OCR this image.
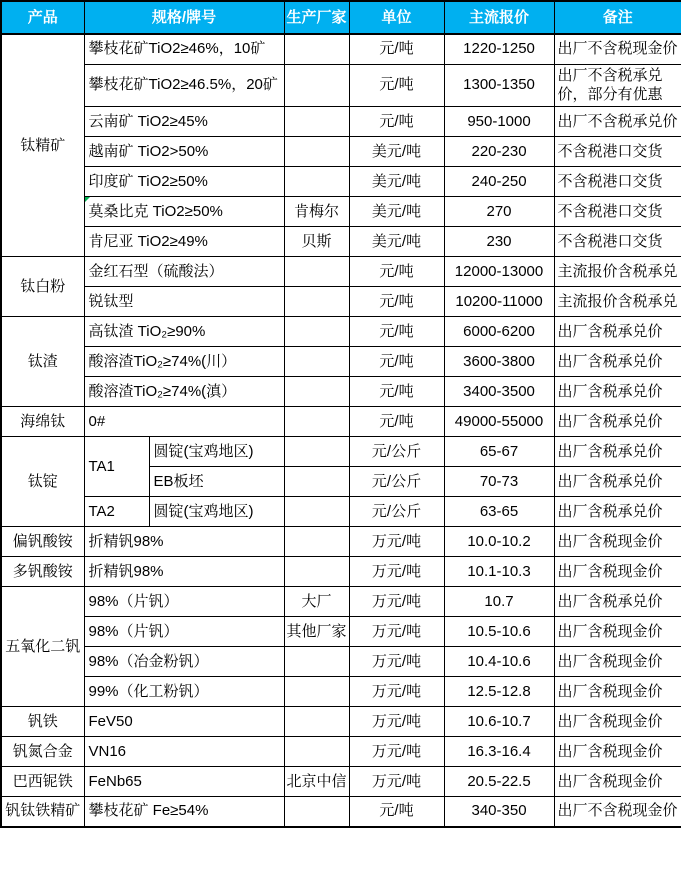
产品	规格/牌号		生产厂家	单位	主流报价	备注
钛精矿	攀枝花矿TiO2≥46%，10矿			元/吨	1220-1250	出厂不含税现金价
	攀枝花矿TiO2≥46.5%，20矿			元/吨	1300-1350	出厂不含税承兑价，部分有优惠
	云南矿 TiO2≥45%			元/吨	950-1000	出厂不含税承兑价
	越南矿 TiO2>50%			美元/吨	220-230	不含税港口交货
	印度矿 TiO2≥50%			美元/吨	240-250	不含税港口交货
	莫桑比克 TiO2≥50%		肯梅尔	美元/吨	270	不含税港口交货
	肯尼亚 TiO2≥49%		贝斯	美元/吨	230	不含税港口交货
钛白粉	金红石型（硫酸法）			元/吨	12000-13000	主流报价含税承兑
	锐钛型			元/吨	10200-11000	主流报价含税承兑
钛渣	高钛渣 TiO₂≥90%			元/吨	6000-6200	出厂含税承兑价
	酸溶渣TiO₂≥74%(川）			元/吨	3600-3800	出厂含税承兑价
	酸溶渣TiO₂≥74%(滇）			元/吨	3400-3500	出厂含税承兑价
海绵钛	0#			元/吨	49000-55000	出厂含税承兑价
钛锭	TA1	圆锭(宝鸡地区)		元/公斤	65-67	出厂含税承兑价
		EB板坯		元/公斤	70-73	出厂含税承兑价
	TA2	圆锭(宝鸡地区)		元/公斤	63-65	出厂含税承兑价
偏钒酸铵	折精钒98%			万元/吨	10.0-10.2	出厂含税现金价
多钒酸铵	折精钒98%			万元/吨	10.1-10.3	出厂含税现金价
五氧化二钒	98%（片钒）		大厂	万元/吨	10.7	出厂含税承兑价
	98%（片钒）		其他厂家	万元/吨	10.5-10.6	出厂含税现金价
	98%（冶金粉钒）			万元/吨	10.4-10.6	出厂含税现金价
	99%（化工粉钒）			万元/吨	12.5-12.8	出厂含税现金价
钒铁	FeV50			万元/吨	10.6-10.7	出厂含税现金价
钒氮合金	VN16			万元/吨	16.3-16.4	出厂含税现金价
巴西铌铁	FeNb65		北京中信	万元/吨	20.5-22.5	出厂含税现金价
钒钛铁精矿	攀枝花矿 Fe≥54%			元/吨	340-350	出厂不含税现金价
